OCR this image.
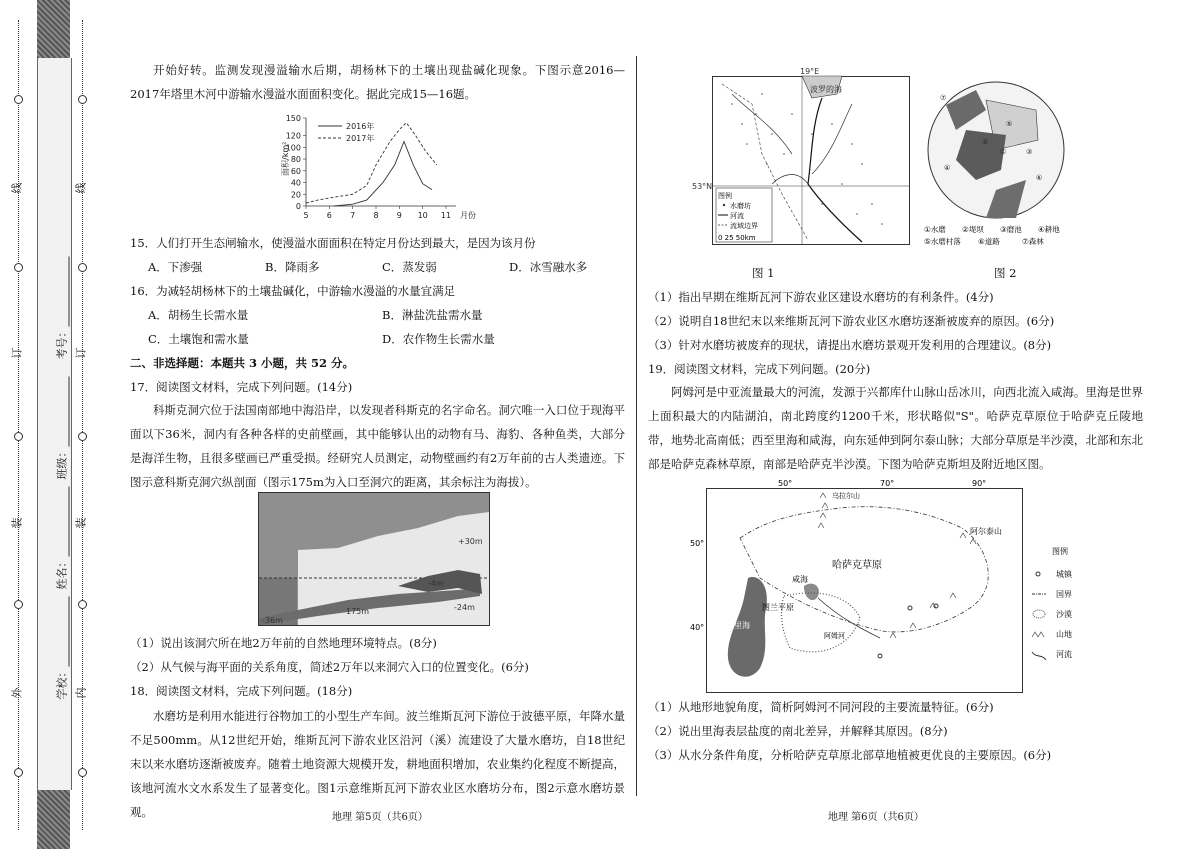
外
装
订
线
内
装
订
线
学校：
姓名：
班级：
考号：
开始好转。监测发现漫溢输水后期，胡杨林下的土壤出现盐碱化现象。下图示意2016—2017年塔里木河中游输水漫溢水面面积变化。据此完成15—16题。
0
20
40
60
80
100
120
150
5 6 7 8 9 10 11 月份
面积/km²
2016年
2017年
15．人们打开生态闸输水，使漫溢水面面积在特定月份达到最大，是因为该月份
A．下渗强	B．降雨多	C．蒸发弱	D．冰雪融水多
16．为减轻胡杨林下的土壤盐碱化，中游输水漫溢的水量宜满足
A．胡杨生长需水量	B．淋盐洗盐需水量
C．土壤饱和需水量	D．农作物生长需水量
二、非选择题：本题共 3 小题，共 52 分。
17．阅读图文材料，完成下列问题。(14分)
科斯克洞穴位于法国南部地中海沿岸，以发现者科斯克的名字命名。洞穴唯一入口位于现海平面以下36米，洞内有各种各样的史前壁画，其中能够认出的动物有马、海豹、各种鱼类，大部分是海洋生物，且很多壁画已严重受损。经研究人员测定，动物壁画约有2万年前的古人类遗迹。下图示意科斯克洞穴纵剖面（图示175m为入口至洞穴的距离，其余标注为海拔）。
+30m
-4m
-24m
-36m
175m
（1）说出该洞穴所在地2万年前的自然地理环境特点。(8分)
（2）从气候与海平面的关系角度，简述2万年以来洞穴入口的位置变化。(6分)
18．阅读图文材料，完成下列问题。(18分)
水磨坊是利用水能进行谷物加工的小型生产车间。波兰维斯瓦河下游位于波德平原，年降水量不足500mm。从12世纪开始，维斯瓦河下游农业区沿河（溪）流建设了大量水磨坊，自18世纪末以来水磨坊逐渐被废弃。随着土地资源大规模开发，耕地面积增加，农业集约化程度不断提高，该地河流水文水系发生了显著变化。图1示意维斯瓦河下游农业区水磨坊分布，图2示意水磨坊景观。	地理 第5页（共6页）
19°E
53°N
波罗的海
图例
水磨坊
河流
流域边界
0 25 50km
⑤
②
①	③
④
⑥
⑦
①水磨 ②堤坝 ③磨池 ④耕地
⑤水磨村落 ⑥道路	⑦森林
图 1	图 2
（1）指出早期在维斯瓦河下游农业区建设水磨坊的有利条件。(4分)
（2）说明自18世纪末以来维斯瓦河下游农业区水磨坊逐渐被废弃的原因。(6分)
（3）针对水磨坊被废弃的现状，请提出水磨坊景观开发利用的合理建议。(8分)
19．阅读图文材料，完成下列问题。(20分)
阿姆河是中亚流量最大的河流，发源于兴都库什山脉山岳冰川，向西北流入咸海。里海是世界上面积最大的内陆湖泊，南北跨度约1200千米，形状略似"S"。哈萨克草原位于哈萨克丘陵地带，地势北高南低；西至里海和咸海，向东延伸到阿尔泰山脉；大部分草原是半沙漠，北部和东北部是哈萨克森林草原，南部是哈萨克半沙漠。下图为哈萨克斯坦及附近地区图。
50°	70°	90°
50°
40°
哈萨克草原
阿尔泰山
乌拉尔山
咸海
里海
图兰平原
阿姆河
图例
城镇
国界
沙漠
山地
河流
（1）从地形地貌角度，简析阿姆河不同河段的主要流量特征。(6分)
（2）说出里海表层盐度的南北差异，并解释其原因。(8分)
（3）从水分条件角度，分析哈萨克草原北部草地植被更优良的主要原因。(6分)
地理 第6页（共6页）
